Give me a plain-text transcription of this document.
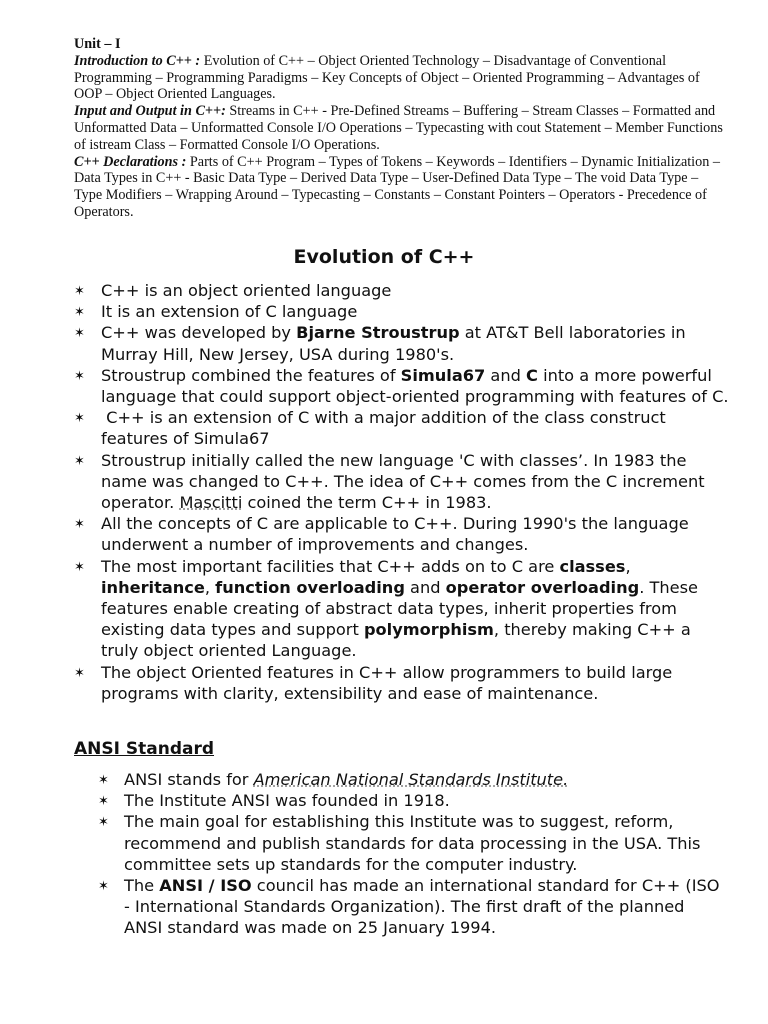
Unit – I

Introduction to C++ : Evolution of C++ – Object Oriented Technology – Disadvantage of Conventional Programming – Programming Paradigms – Key Concepts of Object – Oriented Programming – Advantages of OOP – Object Oriented Languages.

Input and Output in C++: Streams in C++ - Pre-Defined Streams – Buffering – Stream Classes – Formatted and Unformatted Data – Unformatted Console I/O Operations – Typecasting with cout Statement – Member Functions of istream Class – Formatted Console I/O Operations.

C++ Declarations : Parts of C++ Program – Types of Tokens – Keywords – Identifiers – Dynamic Initialization – Data Types in C++ - Basic Data Type – Derived Data Type – User-Defined Data Type – The void Data Type – Type Modifiers – Wrapping Around – Typecasting – Constants – Constant Pointers – Operators - Precedence of Operators.

Evolution of C++
✶ C++ is an object oriented language
✶ It is an extension of C language
✶ C++ was developed by Bjarne Stroustrup at AT&T Bell laboratories in Murray Hill, New Jersey, USA during 1980's.
✶ Stroustrup combined the features of Simula67 and C into a more powerful language that could support object-oriented programming with features of C.
✶ C++ is an extension of C with a major addition of the class construct features of Simula67
✶ Stroustrup initially called the new language 'C with classes’. In 1983 the name was changed to C++. The idea of C++ comes from the C increment operator. Mascitti coined the term C++ in 1983.
✶ All the concepts of C are applicable to C++. During 1990's the language underwent a number of improvements and changes.
✶ The most important facilities that C++ adds on to C are classes, inheritance, function overloading and operator overloading. These features enable creating of abstract data types, inherit properties from existing data types and support polymorphism, thereby making C++ a truly object oriented Language.
✶ The object Oriented features in C++ allow programmers to build large programs with clarity, extensibility and ease of maintenance.
ANSI Standard
✶ ANSI stands for American National Standards Institute.
✶ The Institute ANSI was founded in 1918.
✶ The main goal for establishing this Institute was to suggest, reform, recommend and publish standards for data processing in the USA. This committee sets up standards for the computer industry.
✶ The ANSI / ISO council has made an international standard for C++ (ISO - International Standards Organization). The first draft of the planned ANSI standard was made on 25 January 1994.
